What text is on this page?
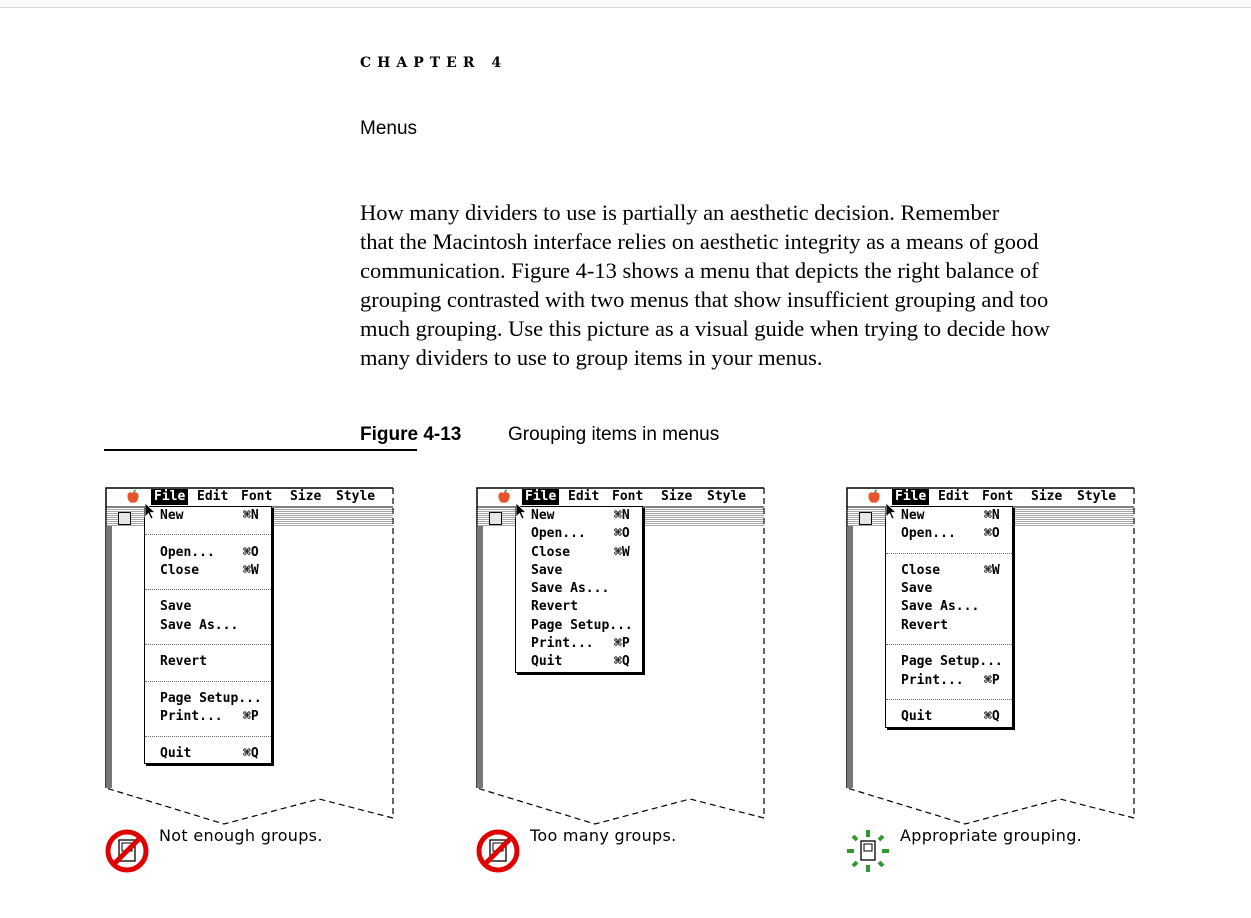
CHAPTER 4
Menus
How many dividers to use is partially an aesthetic decision. Remember
that the Macintosh interface relies on aesthetic integrity as a means of good
communication. Figure 4-13 shows a menu that depicts the right balance of
grouping contrasted with two menus that show insufficient grouping and too
much grouping. Use this picture as a visual guide when trying to decide how
many dividers to use to group items in your menus.
Figure 4-13 Grouping items in menus
File Edit Font Size Style
New	⌘N
Open... ⌘O
Close	⌘W
Save
Save As...
Revert
Page Setup...
Print... ⌘P
Quit	⌘Q
Not enough groups.
File Edit Font Size Style
New	⌘N
Open... ⌘O
Close	⌘W
Save
Save As...
Revert
Page Setup...
Print... ⌘P
Quit	⌘Q
Too many groups.
File Edit Font Size Style
New	⌘N
Open... ⌘O
Close	⌘W
Save
Save As...
Revert
Page Setup...
Print... ⌘P
Quit	⌘Q
Appropriate grouping.
